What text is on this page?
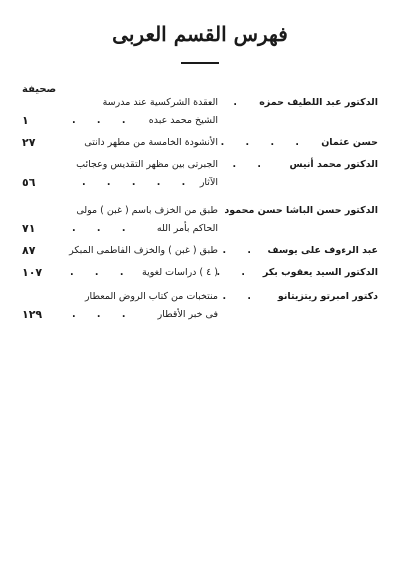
فهرس القسم العربى
صحيفة
الدكتور عبد اللطيف حمزه
. .
العقدة الشركسية عند مدرسة
الشيخ محمد عبده
. . .
١
حسن عثمان
. . . . .
الأنشودة الخامسة من مطهر دانتى
٢٧
الدكتور محمد أنيس
. .
الجبرتى بين مظهر التقديس وعجائب
الآثار
. . . . .
٥٦
الدكتور حسن الباشا حسن محمود
طبق من الخزف باسم ( غبن ) مولى
الحاكم بأمر الله
. . .
٧١
عبد الرءوف على يوسف
. .
طبق ( غبن ) والخزف الفاطمى المبكر
٨٧
الدكتور السيد يعقوب بكر
. .
( ٤ ) دراسات لغوية
. . .
١٠٧
دكتور امبرتو ريتزيتانو
. .
منتخبات من كتاب الروض المعطار
فى خبر الأقطار
. . .
١٢٩
